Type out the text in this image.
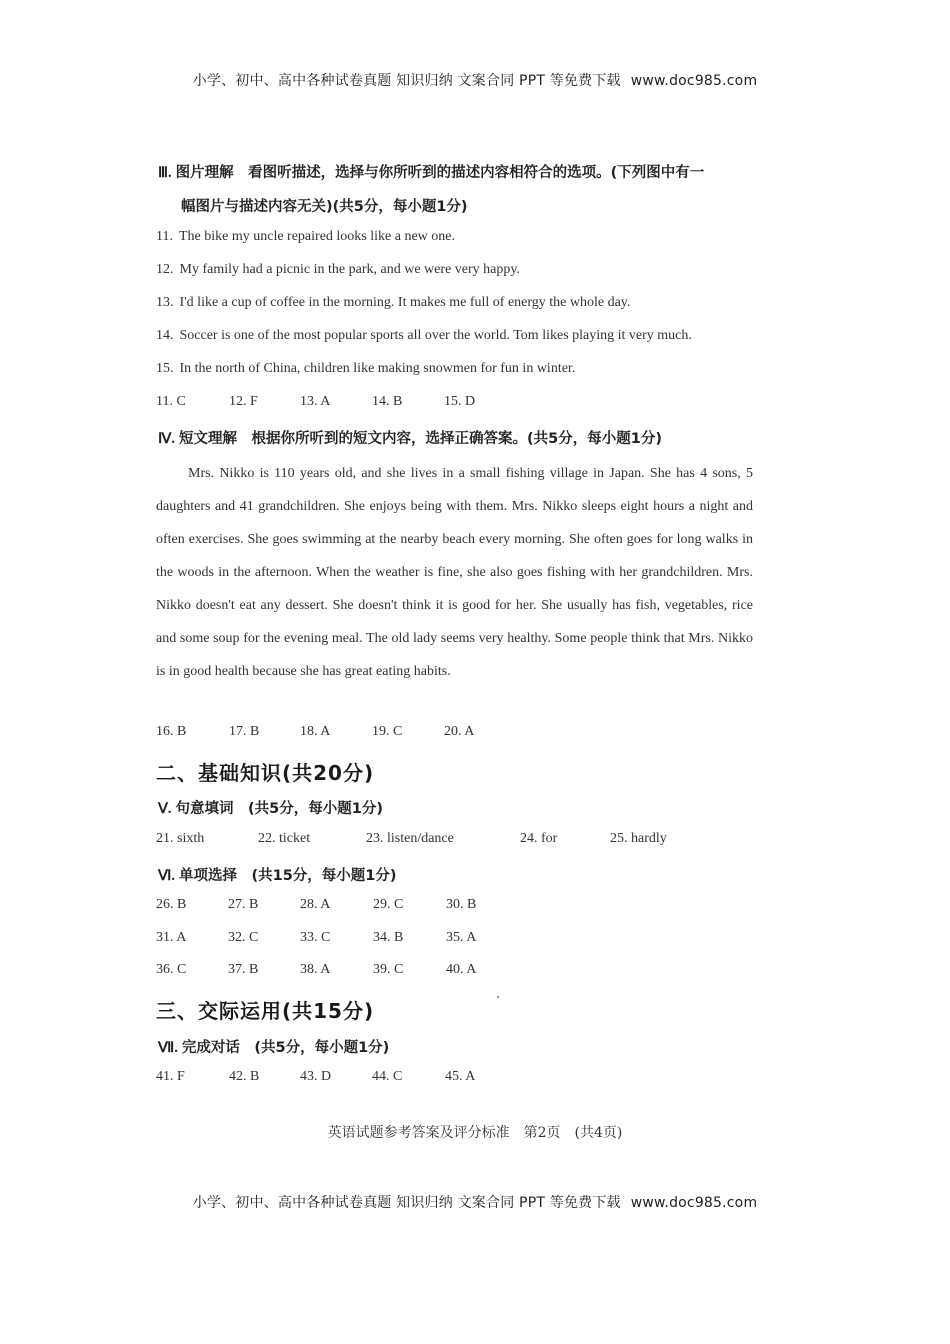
小学、初中、高中各种试卷真题 知识归纳 文案合同 PPT 等免费下载 www.doc985.com
Ⅲ. 图片理解　看图听描述，选择与你所听到的描述内容相符合的选项。(下列图中有一
幅图片与描述内容无关)(共5分，每小题1分)
11. The bike my uncle repaired looks like a new one.
12. My family had a picnic in the park, and we were very happy.
13. I'd like a cup of coffee in the morning. It makes me full of energy the whole day.
14. Soccer is one of the most popular sports all over the world. Tom likes playing it very much.
15. In the north of China, children like making snowmen for fun in winter.
11. C	12. F	13. A	14. B	15. D
Ⅳ. 短文理解　根据你所听到的短文内容，选择正确答案。(共5分，每小题1分)
Mrs. Nikko is 110 years old, and she lives in a small fishing village in Japan. She has 4 sons, 5 daughters and 41 grandchildren. She enjoys being with them. Mrs. Nikko sleeps eight hours a night and often exercises. She goes swimming at the nearby beach every morning. She often goes for long walks in the woods in the afternoon. When the weather is fine, she also goes fishing with her grandchildren. Mrs. Nikko doesn't eat any dessert. She doesn't think it is good for her. She usually has fish, vegetables, rice and some soup for the evening meal. The old lady seems very healthy. Some people think that Mrs. Nikko is in good health because she has great eating habits.
16. B	17. B	18. A	19. C	20. A
二、基础知识(共20分)
Ⅴ. 句意填词　(共5分，每小题1分)
21. sixth	22. ticket	23. listen/dance	24. for	25. hardly
Ⅵ. 单项选择　(共15分，每小题1分)
26. B	27. B	28. A	29. C	30. B
31. A	32. C	33. C	34. B	35. A
36. C	37. B	38. A	39. C	40. A
三、交际运用(共15分)
Ⅶ. 完成对话　(共5分，每小题1分)
41. F	42. B	43. D	44. C	45. A
英语试题参考答案及评分标准　第2页　(共4页)
小学、初中、高中各种试卷真题 知识归纳 文案合同 PPT 等免费下载 www.doc985.com
